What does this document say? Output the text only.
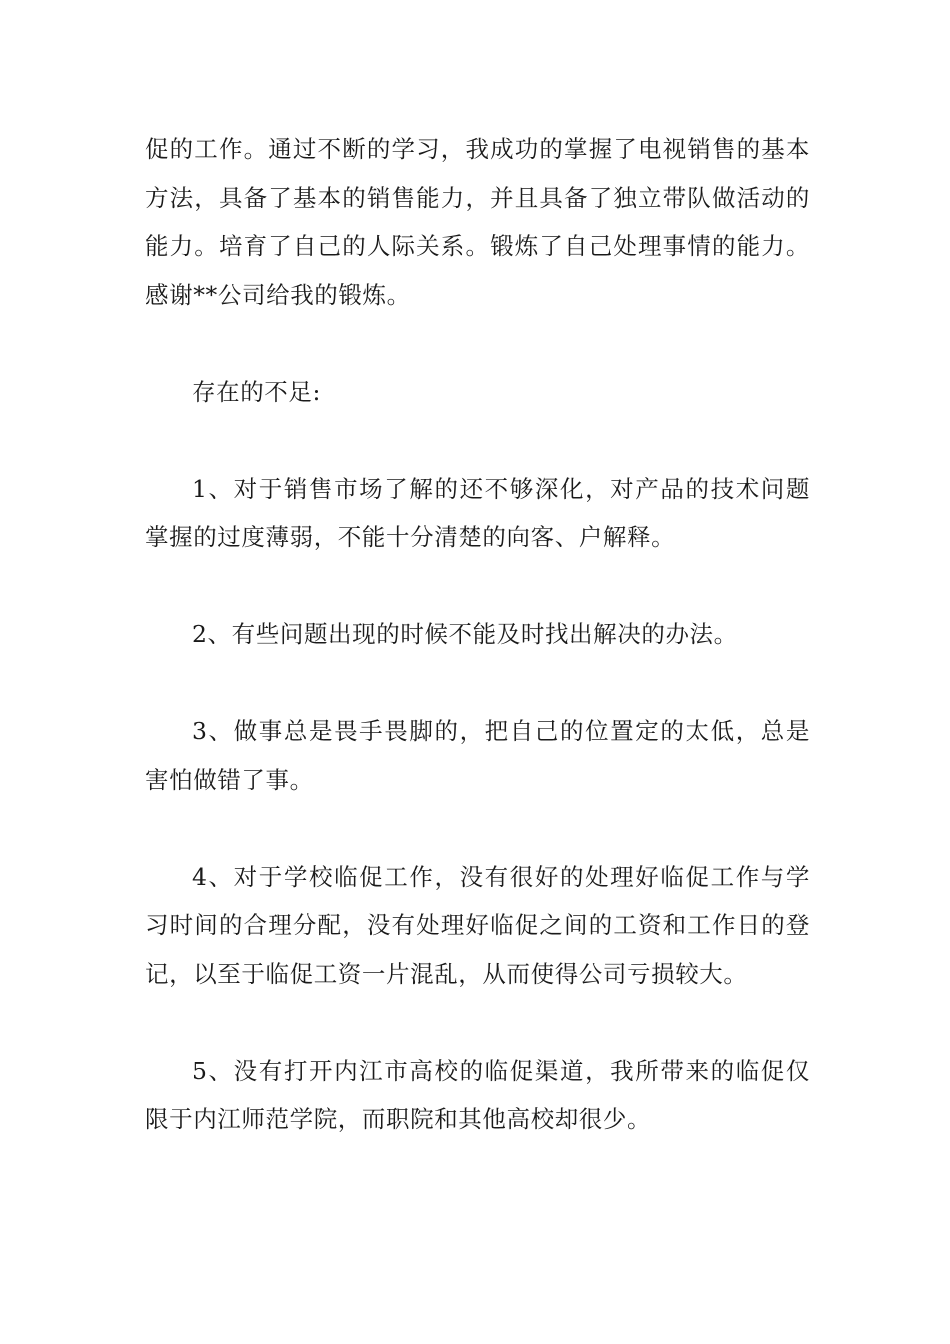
促的工作。通过不断的学习，我成功的掌握了电视销售的基本方法，具备了基本的销售能力，并且具备了独立带队做活动的能力。培育了自己的人际关系。锻炼了自己处理事情的能力。感谢**公司给我的锻炼。

存在的不足:

1、对于销售市场了解的还不够深化，对产品的技术问题掌握的过度薄弱，不能十分清楚的向客、户解释。

2、有些问题出现的时候不能及时找出解决的办法。

3、做事总是畏手畏脚的，把自己的位置定的太低，总是害怕做错了事。

4、对于学校临促工作，没有很好的处理好临促工作与学习时间的合理分配，没有处理好临促之间的工资和工作日的登记，以至于临促工资一片混乱，从而使得公司亏损较大。

5、没有打开内江市高校的临促渠道，我所带来的临促仅限于内江师范学院，而职院和其他高校却很少。
